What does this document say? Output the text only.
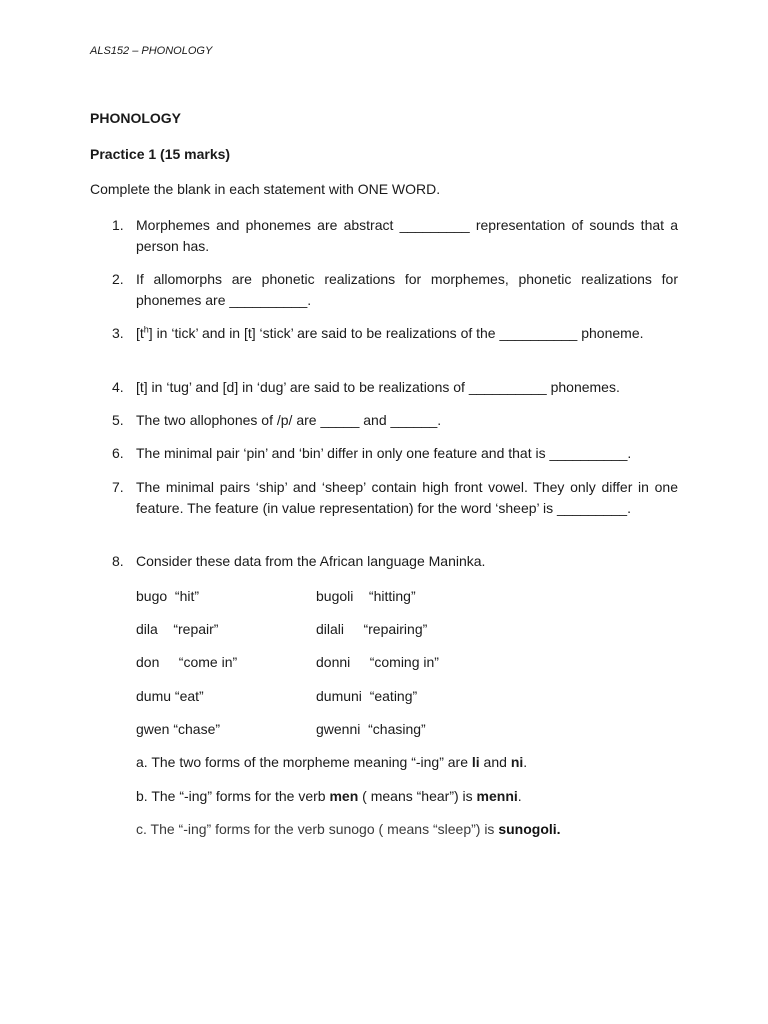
ALS152 – PHONOLOGY
PHONOLOGY
Practice 1 (15 marks)
Complete the blank in each statement with ONE WORD.
1. Morphemes and phonemes are abstract _________ representation of sounds that a person has.
2. If allomorphs are phonetic realizations for morphemes, phonetic realizations for phonemes are __________.
3. $[t^h]$ in ‘tick’ and in [t] ‘stick’ are said to be realizations of the __________ phoneme.
4. [t] in ‘tug’ and [d] in ‘dug’ are said to be realizations of __________ phonemes.
5. The two allophones of /p/ are _____ and ______.
6. The minimal pair ‘pin’ and ‘bin’ differ in only one feature and that is __________.
7. The minimal pairs ‘ship’ and ‘sheep’ contain high front vowel. They only differ in one feature. The feature (in value representation) for the word ‘sheep’ is _________.
8. Consider these data from the African language Maninka.
bugo  “hit”	bugoli    “hitting”
dila    “repair”	dilali     “repairing”
don     “come in”	donni     “coming in”
dumu “eat”	dumuni  “eating”
gwen “chase”	gwenni  “chasing”
a. The two forms of the morpheme meaning “-ing” are li and ni.
b. The “-ing” forms for the verb men ( means “hear”) is menni.
c. The “-ing” forms for the verb sunogo ( means “sleep”) is sunogoli.
